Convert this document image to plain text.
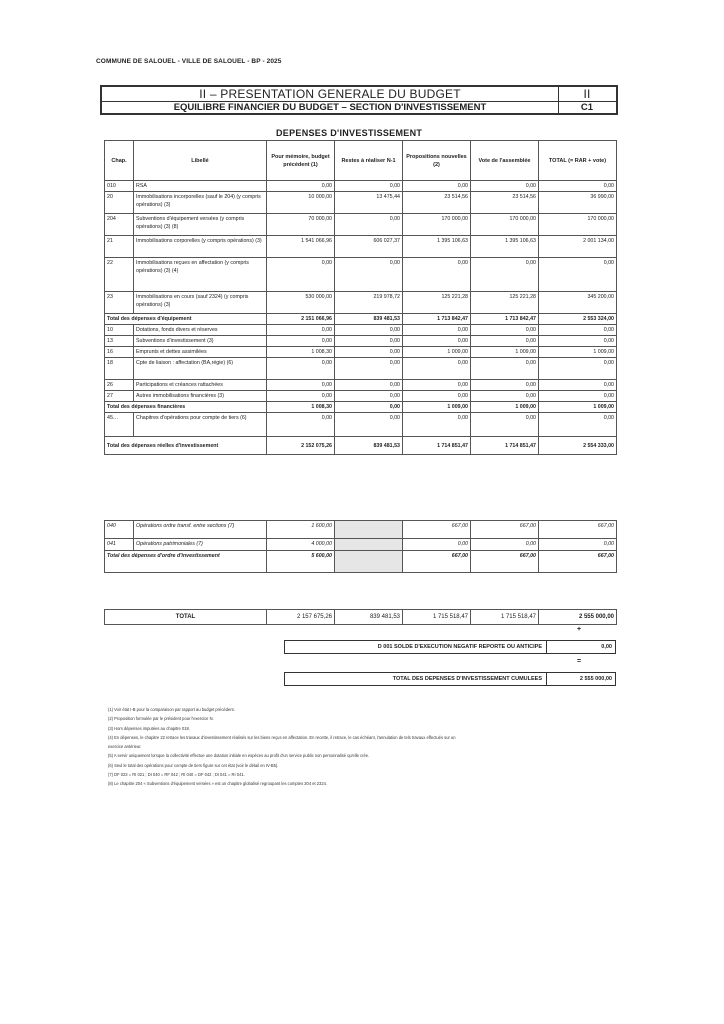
COMMUNE DE SALOUEL - VILLE DE SALOUEL - BP - 2025
II – PRESENTATION GENERALE DU BUDGET	II
EQUILIBRE FINANCIER DU BUDGET – SECTION D'INVESTISSEMENT	C1
DEPENSES D'INVESTISSEMENT
Chap.	Libellé	Pour mémoire, budget précédent (1)	Restes à réaliser N-1	Propositions nouvelles (2)	Vote de l'assemblée	TOTAL (= RAR + vote)
010	RSA	0,00	0,00	0,00	0,00	0,00
20	Immobilisations incorporelles (sauf le 204) (y compris opérations) (3)	10 000,00	13 475,44	23 514,56	23 514,56	36 990,00
204	Subventions d'équipement versées (y compris opérations) (3) (8)	70 000,00	0,00	170 000,00	170 000,00	170 000,00
21	Immobilisations corporelles (y compris opérations) (3)	1 541 066,96	606 027,37	1 395 106,63	1 395 106,63	2 001 134,00
22	Immobilisations reçues en affectation (y compris opérations) (3) (4)	0,00	0,00	0,00	0,00	0,00
23	Immobilisations en cours (sauf 2324) (y compris opérations) (3)	530 000,00	219 978,72	125 221,28	125 221,28	345 200,00
Total des dépenses d'équipement		2 151 066,96	839 481,53	1 713 842,47	1 713 842,47	2 553 324,00
10	Dotations, fonds divers et réserves	0,00	0,00	0,00	0,00	0,00
13	Subventions d'investissement (3)	0,00	0,00	0,00	0,00	0,00
16	Emprunts et dettes assimilées	1 008,30	0,00	1 009,00	1 009,00	1 009,00
18	Cpte de liaison : affectation (BA,régie) (6)	0,00	0,00	0,00	0,00	0,00
26	Participations et créances rattachées	0,00	0,00	0,00	0,00	0,00
27	Autres immobilisations financières (3)	0,00	0,00	0,00	0,00	0,00
Total des dépenses financières		1 008,30	0,00	1 009,00	1 009,00	1 009,00
45…	Chapitres d'opérations pour compte de tiers (6)	0,00	0,00	0,00	0,00	0,00
Total des dépenses réelles d'investissement		2 152 075,26	839 481,53	1 714 851,47	1 714 851,47	2 554 333,00
040	Opérations ordre transf. entre sections (7)	1 600,00		667,00	667,00	667,00
041	Opérations patrimoniales (7)	4 000,00		0,00	0,00	0,00
Total des dépenses d'ordre d'investissement		5 600,00		667,00	667,00	667,00
TOTAL	2 157 675,26	839 481,53	1 715 518,47	1 715 518,47	2 555 000,00
+
D 001 SOLDE D'EXECUTION NEGATIF REPORTE OU ANTICIPE	0,00
=
TOTAL DES DEPENSES D'INVESTISSEMENT CUMULEES	2 555 000,00
(1) Voir état I-B pour la comparaison par rapport au budget précédent.
(2) Proposition formulée par le président pour l'exercice N.
(3) Hors dépenses imputées au chapitre 018.
(4) En dépenses, le chapitre 22 retrace les travaux d'investissement réalisés sur les biens reçus en affectation. En recette, il retrace, le cas échéant, l'annulation de tels travaux effectués sur un
exercice antérieur.
(5) A servir uniquement lorsque la collectivité effectue une dotation initiale en espèces au profit d'un service public non personnalisé qu'elle crée.
(6) Seul le total des opérations pour compte de tiers figure sur cet état (voir le détail en IV-B5).
(7) DF 023 = RI 021 ; DI 040 = RF 042 ; RI 040 = DF 042 ; DI 041 = RI 041.
(8) Le chapitre 204 « Subventions d'équipement versées » est un chapitre globalisé regroupant les comptes 204 et 2324.
